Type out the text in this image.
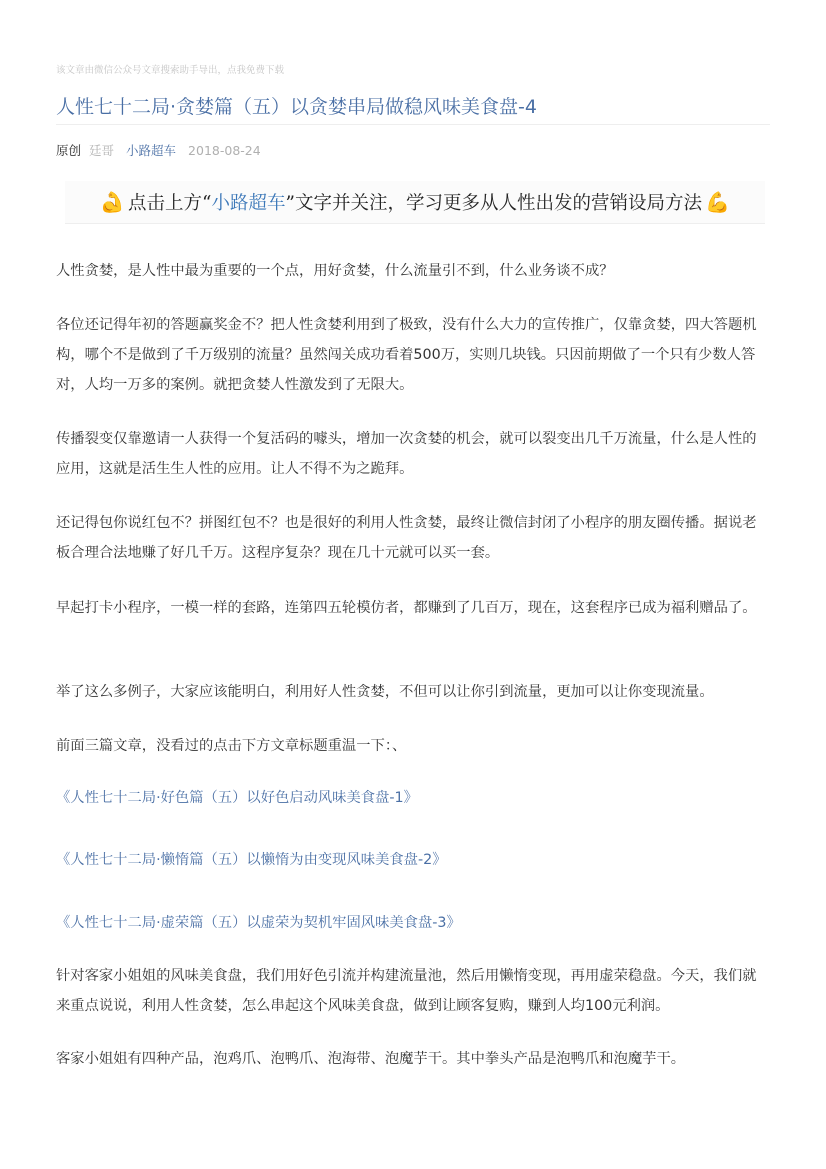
该文章由微信公众号文章搜索助手导出，点我免费下载
人性七十二局·贪婪篇（五）以贪婪串局做稳风味美食盘-4
原创 廷哥 小路超车 2018-08-24
💪 点击上方“ 小路超车 ”文字并关注，学习更多从人性出发的营销设局方法 💪

人性贪婪，是人性中最为重要的一个点，用好贪婪，什么流量引不到，什么业务谈不成？

各位还记得年初的答题赢奖金不？把人性贪婪利用到了极致，没有什么大力的宣传推广，仅靠贪婪，四大答题机构，哪个不是做到了千万级别的流量？虽然闯关成功看着500万，实则几块钱。只因前期做了一个只有少数人答对，人均一万多的案例。就把贪婪人性激发到了无限大。

传播裂变仅靠邀请一人获得一个复活码的噱头，增加一次贪婪的机会，就可以裂变出几千万流量，什么是人性的应用，这就是活生生人性的应用。让人不得不为之跪拜。

还记得包你说红包不？拼图红包不？也是很好的利用人性贪婪，最终让微信封闭了小程序的朋友圈传播。据说老板合理合法地赚了好几千万。这程序复杂？现在几十元就可以买一套。

早起打卡小程序，一模一样的套路，连第四五轮模仿者，都赚到了几百万，现在，这套程序已成为福利赠品了。

举了这么多例子，大家应该能明白，利用好人性贪婪，不但可以让你引到流量，更加可以让你变现流量。

前面三篇文章，没看过的点击下方文章标题重温一下：、

《人性七十二局·好色篇（五）以好色启动风味美食盘-1》

《人性七十二局·懒惰篇（五）以懒惰为由变现风味美食盘-2》

《人性七十二局·虚荣篇（五）以虚荣为契机牢固风味美食盘-3》

针对客家小姐姐的风味美食盘，我们用好色引流并构建流量池，然后用懒惰变现，再用虚荣稳盘。今天，我们就来重点说说，利用人性贪婪，怎么串起这个风味美食盘，做到让顾客复购，赚到人均100元利润。

客家小姐姐有四种产品，泡鸡爪、泡鸭爪、泡海带、泡魔芋干。其中拳头产品是泡鸭爪和泡魔芋干。
